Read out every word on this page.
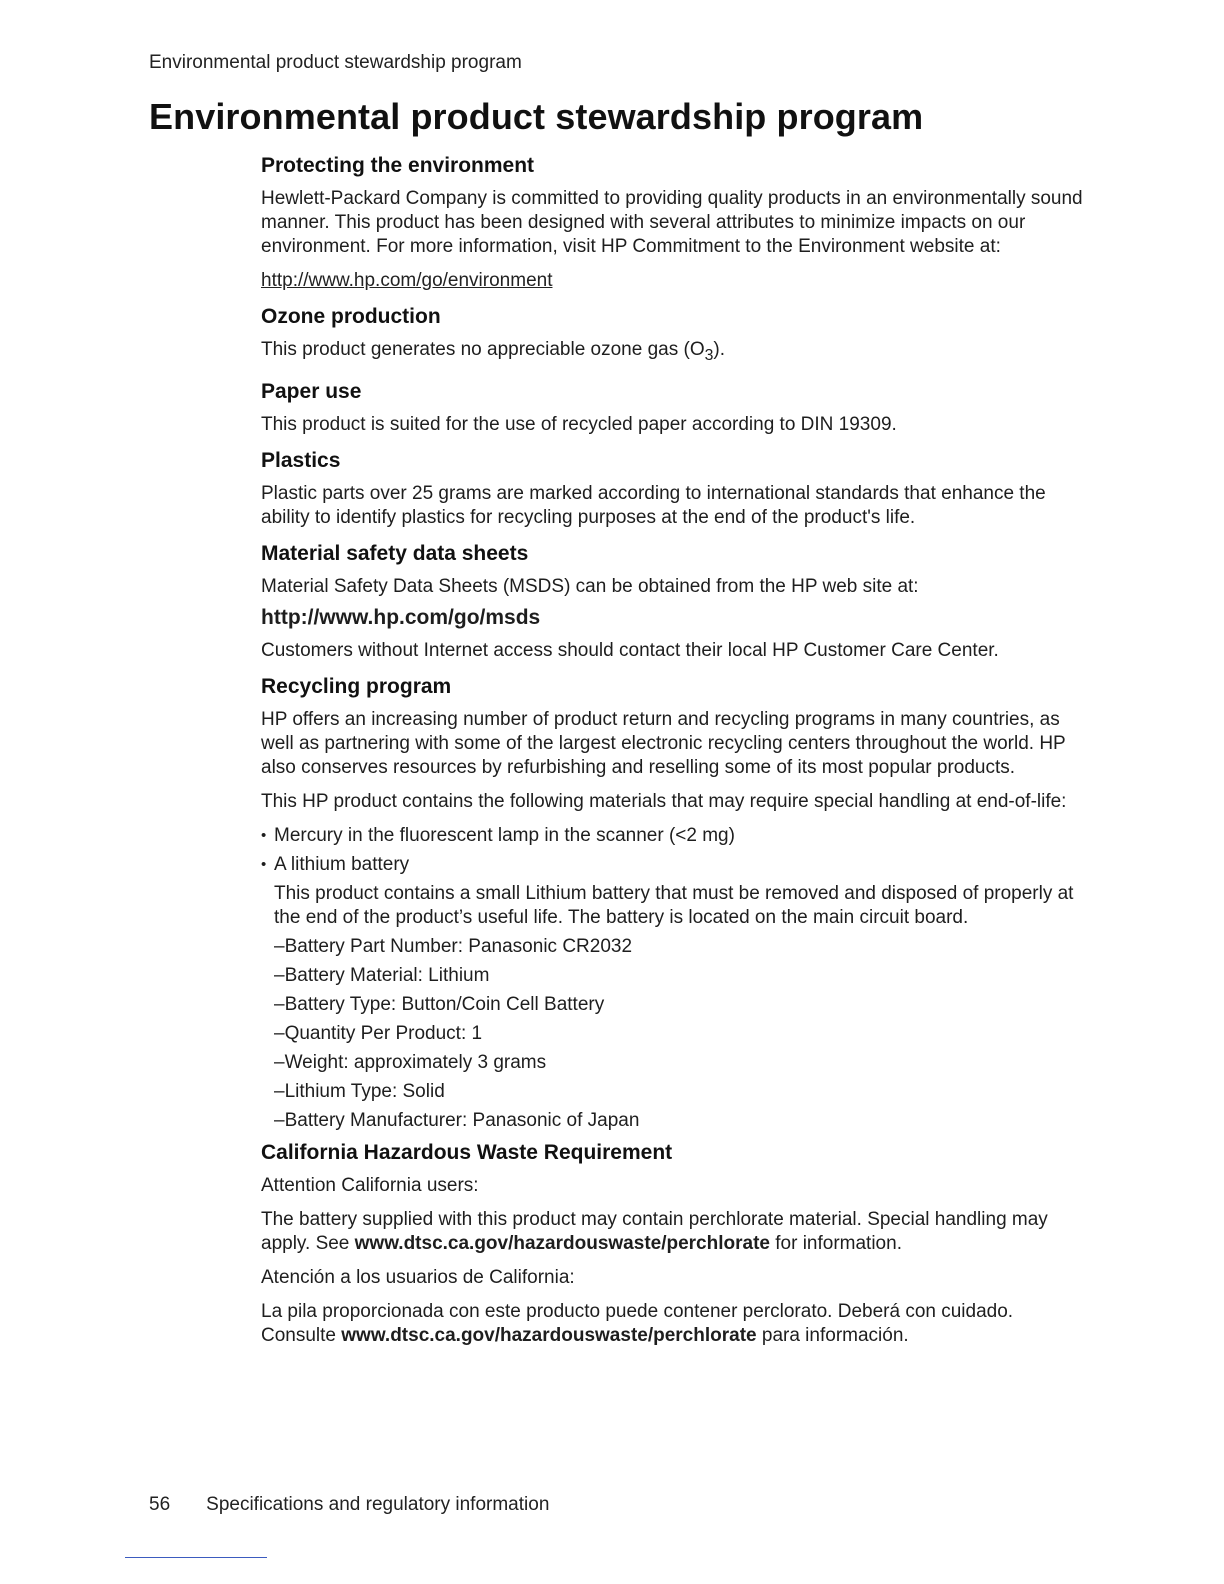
Environmental product stewardship program
Environmental product stewardship program
Protecting the environment

Hewlett-Packard Company is committed to providing quality products in an environmentally sound manner. This product has been designed with several attributes to minimize impacts on our environment. For more information, visit HP Commitment to the Environment website at:

http://www.hp.com/go/environment

Ozone production

This product generates no appreciable ozone gas $(O_3)$.

Paper use

This product is suited for the use of recycled paper according to DIN 19309.

Plastics

Plastic parts over 25 grams are marked according to international standards that enhance the ability to identify plastics for recycling purposes at the end of the product's life.

Material safety data sheets

Material Safety Data Sheets (MSDS) can be obtained from the HP web site at:

http://www.hp.com/go/msds

Customers without Internet access should contact their local HP Customer Care Center.

Recycling program

HP offers an increasing number of product return and recycling programs in many countries, as well as partnering with some of the largest electronic recycling centers throughout the world. HP also conserves resources by refurbishing and reselling some of its most popular products.

This HP product contains the following materials that may require special handling at end-of-life:

• Mercury in the fluorescent lamp in the scanner (<2 mg)
• A lithium battery

This product contains a small Lithium battery that must be removed and disposed of properly at the end of the product’s useful life. The battery is located on the main circuit board.

– Battery Part Number: Panasonic CR2032
– Battery Material: Lithium
– Battery Type: Button/Coin Cell Battery
– Quantity Per Product: 1
– Weight: approximately 3 grams
– Lithium Type: Solid
– Battery Manufacturer: Panasonic of Japan
California Hazardous Waste Requirement

Attention California users:

The battery supplied with this product may contain perchlorate material. Special handling may apply. See www.dtsc.ca.gov/hazardouswaste/perchlorate for information.

Atención a los usuarios de California:

La pila proporcionada con este producto puede contener perclorato. Deberá con cuidado. Consulte www.dtsc.ca.gov/hazardouswaste/perchlorate para información.

56 Specifications and regulatory information
